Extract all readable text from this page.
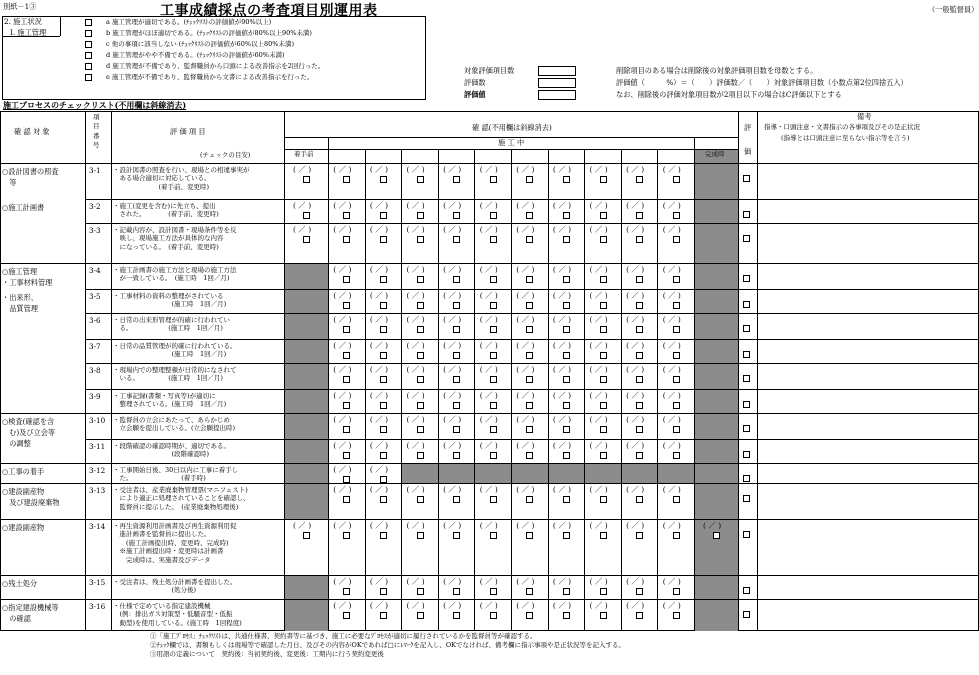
別紙－1③	工事成績採点の考査項目別運用表	（一般監督員）
2. 施工状況
Ⅰ. 施工管理
a 施工管理が適切である。(ﾁｪｯｸﾘｽﾄの評価値が90%以上)
b 施工管理がほぼ適切である。(ﾁｪｯｸﾘｽﾄの評価値が80%以上90%未満)
c 他の事項に該当しない (ﾁｪｯｸﾘｽﾄの評価値が60%以上80%未満)
d 施工管理がやや不備である。(ﾁｪｯｸﾘｽﾄの評価値が60%未満)
d 施工管理が不備であり、監督職員から口頭による改善指示を2回行った。
e 施工管理が不備であり、監督職員から文書による改善指示を行った。
対象評価項目数
評価数
評価値
削除項目のある場合は削除後の対象評価項目数を母数とする。
評価値（　　　%）＝（　　）評価数／（　　）対象評価項目数（小数点第2位四捨五入）
なお、削除後の評価対象項目数が2項目以下の場合はC評価以下とする
施工プロセスのチェックリスト(不用欄は斜線消去)
確 認 対 象
項
目
番
号
評 価 項 目
(チェックの目安)
確 認(不用欄は斜線消去)
着手前
施 工 中
完成時
評
価
備考
指導・口頭注意・文書指示の各事項及びその是正状況
(指導とは口頭注意に至らない指示等を言う)
○設計図書の照査
　等
3-1 ・設計図書の照査を行い、現場との相違事実が
　ある場合適切に対応している。
　　　　　　　(着手前、変更時)
( ／ )	( ／ ) ( ／ ) ( ／ ) ( ／ ) ( ／ ) ( ／ ) ( ／ ) ( ／ ) ( ／ ) ( ／ )
○施工計画書	3-2 ・施工(変更を含む)に先立ち、提出
　された。　　　　(着手前、変更時)
( ／ )	( ／ ) ( ／ ) ( ／ ) ( ／ ) ( ／ ) ( ／ ) ( ／ ) ( ／ ) ( ／ ) ( ／ )
3-3 ・記載内容が、設計図書・現場条件等を反
　映し、現場施工方法が具体的な内容
　になっている。　(着手前、変更時)
( ／ )	( ／ ) ( ／ ) ( ／ ) ( ／ ) ( ／ ) ( ／ ) ( ／ ) ( ／ ) ( ／ ) ( ／ )
○施工管理
・工事材料管理
3-4 ・施工計画書の施工方法と現場の施工方法
　が一致している。　(施工時　1回／月)
( ／ ) ( ／ ) ( ／ ) ( ／ ) ( ／ ) ( ／ ) ( ／ ) ( ／ ) ( ／ ) ( ／ )
・出来形、
　品質管理
3-5 ・工事材料の資料の整理がされている
　　　　　　　　　(施工時　1回／月)
( ／ ) ( ／ ) ( ／ ) ( ／ ) ( ／ ) ( ／ ) ( ／ ) ( ／ ) ( ／ ) ( ／ )
3-6 ・日常の出来形管理が的確に行われてい
　る。　　　　　　(施工時　1回／月)
( ／ ) ( ／ ) ( ／ ) ( ／ ) ( ／ ) ( ／ ) ( ／ ) ( ／ ) ( ／ ) ( ／ )
3-7 ・日常の品質管理が的確に行われている。
　　　　　　　　　(施工時　1回／月)
( ／ ) ( ／ ) ( ／ ) ( ／ ) ( ／ ) ( ／ ) ( ／ ) ( ／ ) ( ／ ) ( ／ )
3-8 ・現場内での整理整頓が日常的になされて
　いる。　　　　　(施工時　1回／月)
( ／ ) ( ／ ) ( ／ ) ( ／ ) ( ／ ) ( ／ ) ( ／ ) ( ／ ) ( ／ ) ( ／ )
3-9 ・工事記録(書類・写真等)が適切に
　整理されている。(施工時　1回／月)
( ／ ) ( ／ ) ( ／ ) ( ／ ) ( ／ ) ( ／ ) ( ／ ) ( ／ ) ( ／ ) ( ／ )
○検査(確認を含
　む)及び立会等
　の調整
3-10 ・監督員の立会にあたって、あらかじめ
　立会願を提出している。(立会願提出時)
( ／ ) ( ／ ) ( ／ ) ( ／ ) ( ／ ) ( ／ ) ( ／ ) ( ／ ) ( ／ ) ( ／ )
3-11 ・段階確認の確認時期が、適切である。
　　　　　　　　　(段階確認時)
( ／ ) ( ／ ) ( ／ ) ( ／ ) ( ／ ) ( ／ ) ( ／ ) ( ／ ) ( ／ ) ( ／ )
○工事の着手	3-12 ・工事開始日後、30日以内に工事に着手し
　た。　　　　　　　　(着手時)
( ／ ) ( ／ )
○建設副産物
　及び建設廃棄物
3-13 ・受注者は、産業廃棄物管理票(マニフェスト)
　により適正に処理されていることを確認し、
　監督員に提示した。　(産業廃棄物処理後)
( ／ ) ( ／ ) ( ／ ) ( ／ ) ( ／ ) ( ／ ) ( ／ ) ( ／ ) ( ／ ) ( ／ )
○建設副産物	3-14 ・再生資源利用計画書及び再生資源利用促
　進計画書を監督員に提出した。
　　(施工計画提出時、変更時、完成時)
　※施工計画提出時・変更時は計画書
　　完成時は、実施書及びデータ
( ／ )	( ／ ) ( ／ ) ( ／ ) ( ／ ) ( ／ ) ( ／ ) ( ／ ) ( ／ ) ( ／ ) ( ／ )	( ／ )
○残土処分	3-15 ・受注者は、残土処分計画書を提出した。
　　　　　　　　　(処分後)
( ／ ) ( ／ ) ( ／ ) ( ／ ) ( ／ ) ( ／ ) ( ／ ) ( ／ ) ( ／ ) ( ／ )
○指定建設機械等
　の確認
3-16 ・仕様で定めている指定建設機械
　(例：排出ガス対策型・低騒音型・低振
　動型)を使用している。(施工時　1回程度)
( ／ ) ( ／ ) ( ／ ) ( ／ ) ( ／ ) ( ／ ) ( ／ ) ( ／ ) ( ／ ) ( ／ )
①「施工ﾌﾟﾛｾｽ」ﾁｪｯｸﾘｽﾄは、共通仕様書、契約書等に基づき、施工に必要なﾌﾟﾛｾｽが適切に履行されているかを監督員等が確認する。
②ﾁｪｯｸ欄では、書類もしくは現場等で確認した月日、及びその内容がOKであれば□にﾚﾏｰｸを記入し、OKでなければ、備考欄に指示事項や是正状況等を記入する。
③用語の定義について　契約後：当初契約後、変更後：工期内に行う契約変更後
